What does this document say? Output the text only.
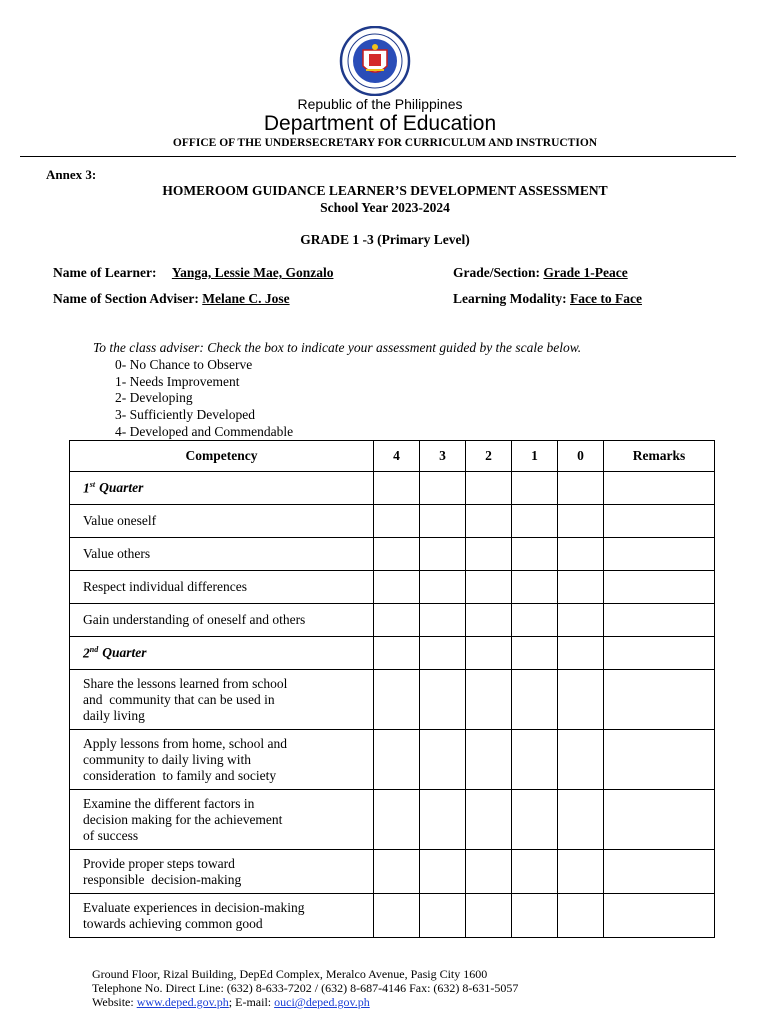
Republic of the Philippines
Department of Education
OFFICE OF THE UNDERSECRETARY FOR CURRICULUM AND INSTRUCTION
Annex 3:
HOMEROOM GUIDANCE LEARNER’S DEVELOPMENT ASSESSMENT
School Year 2023-2024
GRADE 1 -3 (Primary Level)
Name of Learner: Yanga, Lessie Mae, Gonzalo	Grade/Section: Grade 1-Peace
Name of Section Adviser: Melane C. Jose	Learning Modality: Face to Face
To the class adviser: Check the box to indicate your assessment guided by the scale below.
0- No Chance to Observe
1- Needs Improvement
2- Developing
3- Sufficiently Developed
4- Developed and Commendable
Competency	4	3	2	1	0	Remarks
1st Quarter						

Value oneself						

Value others						

Respect individual differences						

Gain understanding of oneself and others						

2nd Quarter						

Share the lessons learned from school
and  community that can be used in
daily living						

Apply lessons from home, school and
community to daily living with
consideration  to family and society						

Examine the different factors in
decision making for the achievement
of success						

Provide proper steps toward
responsible  decision-making						

Evaluate experiences in decision-making
towards achieving common good						

Ground Floor, Rizal Building, DepEd Complex, Meralco Avenue, Pasig City 1600
Telephone No. Direct Line: (632) 8-633-7202 / (632) 8-687-4146 Fax: (632) 8-631-5057
Website: www.deped.gov.ph; E-mail: ouci@deped.gov.ph
